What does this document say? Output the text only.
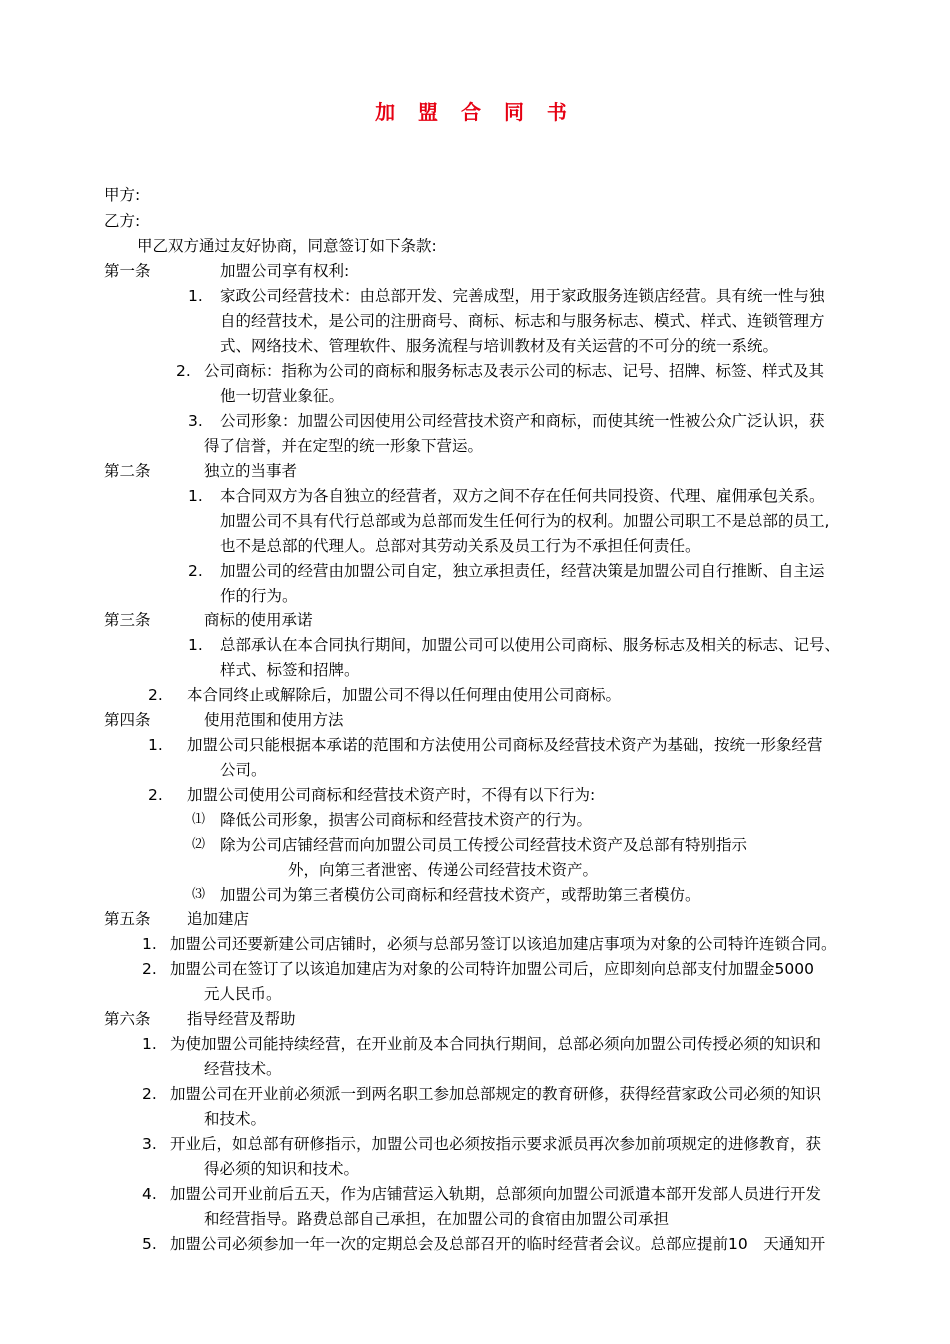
加 盟 合 同 书
甲方:
乙方:
甲乙双方通过友好协商，同意签订如下条款:
第一条	加盟公司享有权利:
1. 家政公司经营技术：由总部开发、完善成型，用于家政服务连锁店经营。具有统一性与独
自的经营技术，是公司的注册商号、商标、标志和与服务标志、模式、样式、连锁管理方
式、网络技术、管理软件、服务流程与培训教材及有关运营的不可分的统一系统。
2. 公司商标：指称为公司的商标和服务标志及表示公司的标志、记号、招牌、标签、样式及其
他一切营业象征。
3. 公司形象：加盟公司因使用公司经营技术资产和商标，而使其统一性被公众广泛认识，获
得了信誉，并在定型的统一形象下营运。
第二条	独立的当事者
1. 本合同双方为各自独立的经营者，双方之间不存在任何共同投资、代理、雇佣承包关系。
加盟公司不具有代行总部或为总部而发生任何行为的权利。加盟公司职工不是总部的员工,
也不是总部的代理人。总部对其劳动关系及员工行为不承担任何责任。
2. 加盟公司的经营由加盟公司自定，独立承担责任，经营决策是加盟公司自行推断、自主运
作的行为。
第三条	商标的使用承诺
1. 总部承认在本合同执行期间，加盟公司可以使用公司商标、服务标志及相关的标志、记号、
样式、标签和招牌。
2. 本合同终止或解除后，加盟公司不得以任何理由使用公司商标。
第四条	使用范围和使用方法
1. 加盟公司只能根据本承诺的范围和方法使用公司商标及经营技术资产为基础，按统一形象经营
公司。
2. 加盟公司使用公司商标和经营技术资产时，不得有以下行为:
⑴ 降低公司形象，损害公司商标和经营技术资产的行为。
⑵ 除为公司店铺经营而向加盟公司员工传授公司经营技术资产及总部有特别指示
外，向第三者泄密、传递公司经营技术资产。
⑶ 加盟公司为第三者模仿公司商标和经营技术资产，或帮助第三者模仿。
第五条 追加建店
1. 加盟公司还要新建公司店铺时，必须与总部另签订以该追加建店事项为对象的公司特许连锁合同。
2. 加盟公司在签订了以该追加建店为对象的公司特许加盟公司后，应即刻向总部支付加盟金5000
元人民币。
第六条 指导经营及帮助
1. 为使加盟公司能持续经营，在开业前及本合同执行期间，总部必须向加盟公司传授必须的知识和
经营技术。
2. 加盟公司在开业前必须派一到两名职工参加总部规定的教育研修，获得经营家政公司必须的知识
和技术。
3. 开业后，如总部有研修指示，加盟公司也必须按指示要求派员再次参加前项规定的进修教育，获
得必须的知识和技术。
4. 加盟公司开业前后五天，作为店铺营运入轨期，总部须向加盟公司派遣本部开发部人员进行开发
和经营指导。路费总部自己承担，在加盟公司的食宿由加盟公司承担
5. 加盟公司必须参加一年一次的定期总会及总部召开的临时经营者会议。总部应提前10　天通知开
